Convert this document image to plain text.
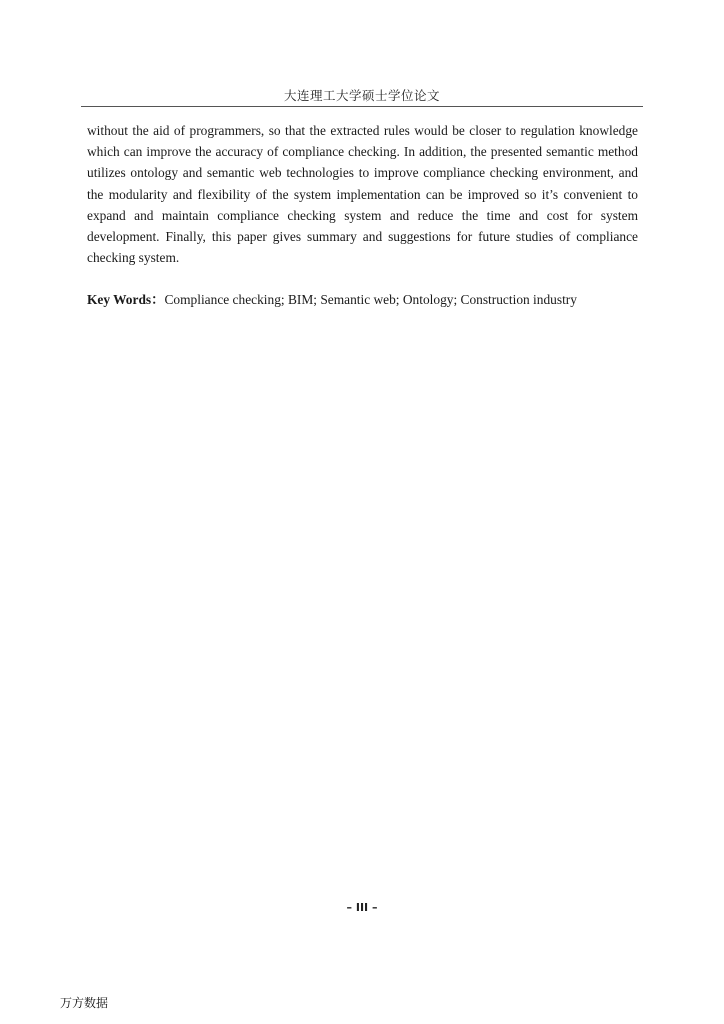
大连理工大学硕士学位论文

without the aid of programmers, so that the extracted rules would be closer to regulation knowledge which can improve the accuracy of compliance checking. In addition, the presented semantic method utilizes ontology and semantic web technologies to improve compliance checking environment, and the modularity and flexibility of the system implementation can be improved so it’s convenient to expand and maintain compliance checking system and reduce the time and cost for system development. Finally, this paper gives summary and suggestions for future studies of compliance checking system.

Key Words：Compliance checking; BIM; Semantic web; Ontology; Construction industry

– III –
万方数据
